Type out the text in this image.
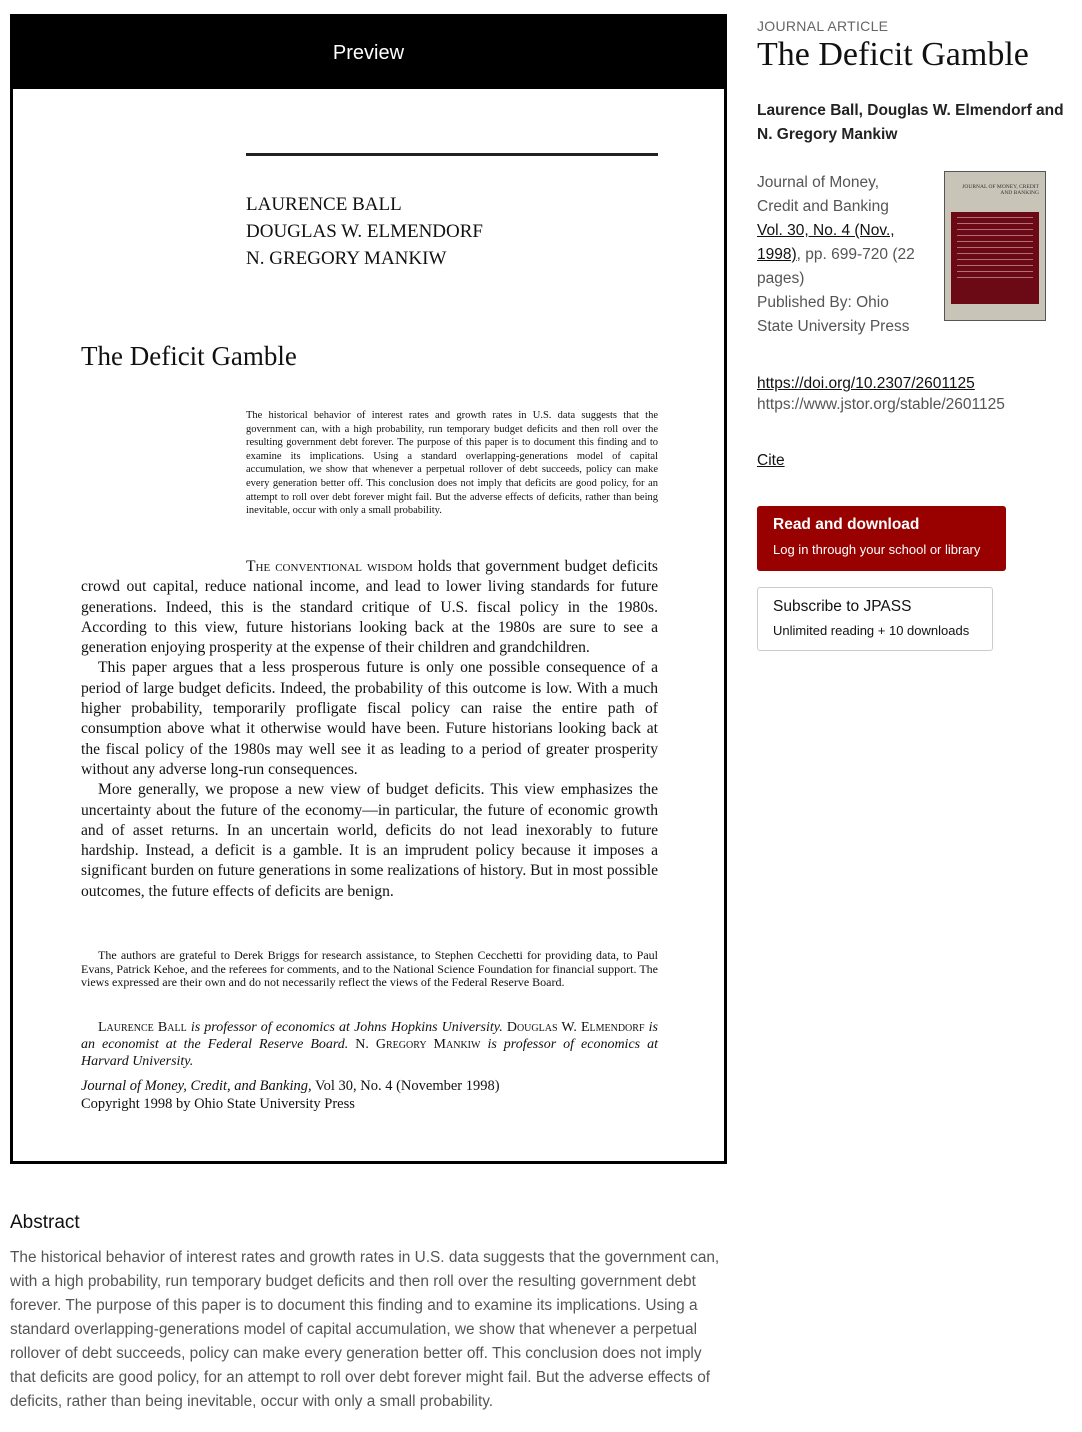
Preview
LAURENCE BALL
DOUGLAS W. ELMENDORF
N. GREGORY MANKIW
The Deficit Gamble
The historical behavior of interest rates and growth rates in U.S. data suggests that the government can, with a high probability, run temporary budget deficits and then roll over the resulting government debt forever. The purpose of this paper is to document this finding and to examine its implications. Using a standard overlapping-generations model of capital accumulation, we show that whenever a perpetual rollover of debt succeeds, policy can make every generation better off. This conclusion does not imply that deficits are good policy, for an attempt to roll over debt forever might fail. But the adverse effects of deficits, rather than being inevitable, occur with only a small probability.

The conventional wisdom holds that government budget deficits crowd out capital, reduce national income, and lead to lower living standards for future generations. Indeed, this is the standard critique of U.S. fiscal policy in the 1980s. According to this view, future historians looking back at the 1980s are sure to see a generation enjoying prosperity at the expense of their children and grandchildren.

This paper argues that a less prosperous future is only one possible consequence of a period of large budget deficits. Indeed, the probability of this outcome is low. With a much higher probability, temporarily profligate fiscal policy can raise the entire path of consumption above what it otherwise would have been. Future historians looking back at the fiscal policy of the 1980s may well see it as leading to a period of greater prosperity without any adverse long-run consequences.

More generally, we propose a new view of budget deficits. This view emphasizes the uncertainty about the future of the economy—in particular, the future of economic growth and of asset returns. In an uncertain world, deficits do not lead inexorably to future hardship. Instead, a deficit is a gamble. It is an imprudent policy because it imposes a significant burden on future generations in some realizations of history. But in most possible outcomes, the future effects of deficits are benign.

The authors are grateful to Derek Briggs for research assistance, to Stephen Cecchetti for providing data, to Paul Evans, Patrick Kehoe, and the referees for comments, and to the National Science Foundation for financial support. The views expressed are their own and do not necessarily reflect the views of the Federal Reserve Board.
Laurence Ball is professor of economics at Johns Hopkins University. Douglas W. Elmendorf is an economist at the Federal Reserve Board. N. Gregory Mankiw is professor of economics at Harvard University.
Journal of Money, Credit, and Banking, Vol 30, No. 4 (November 1998)
Copyright 1998 by Ohio State University Press
JOURNAL ARTICLE
The Deficit Gamble
Laurence Ball, Douglas W. Elmendorf and N. Gregory Mankiw
Journal of Money, Credit and Banking
Vol. 30, No. 4 (Nov., 1998), pp. 699-720 (22 pages)
Published By: Ohio State University Press
JOURNAL OF MONEY, CREDIT AND BANKING
https://doi.org/10.2307/2601125
https://www.jstor.org/stable/2601125
Cite
Read and download
Log in through your school or library
Subscribe to JPASS
Unlimited reading + 10 downloads
Abstract
The historical behavior of interest rates and growth rates in U.S. data suggests that the government can, with a high probability, run temporary budget deficits and then roll over the resulting government debt forever. The purpose of this paper is to document this finding and to examine its implications. Using a standard overlapping-generations model of capital accumulation, we show that whenever a perpetual rollover of debt succeeds, policy can make every generation better off. This conclusion does not imply that deficits are good policy, for an attempt to roll over debt forever might fail. But the adverse effects of deficits, rather than being inevitable, occur with only a small probability.
